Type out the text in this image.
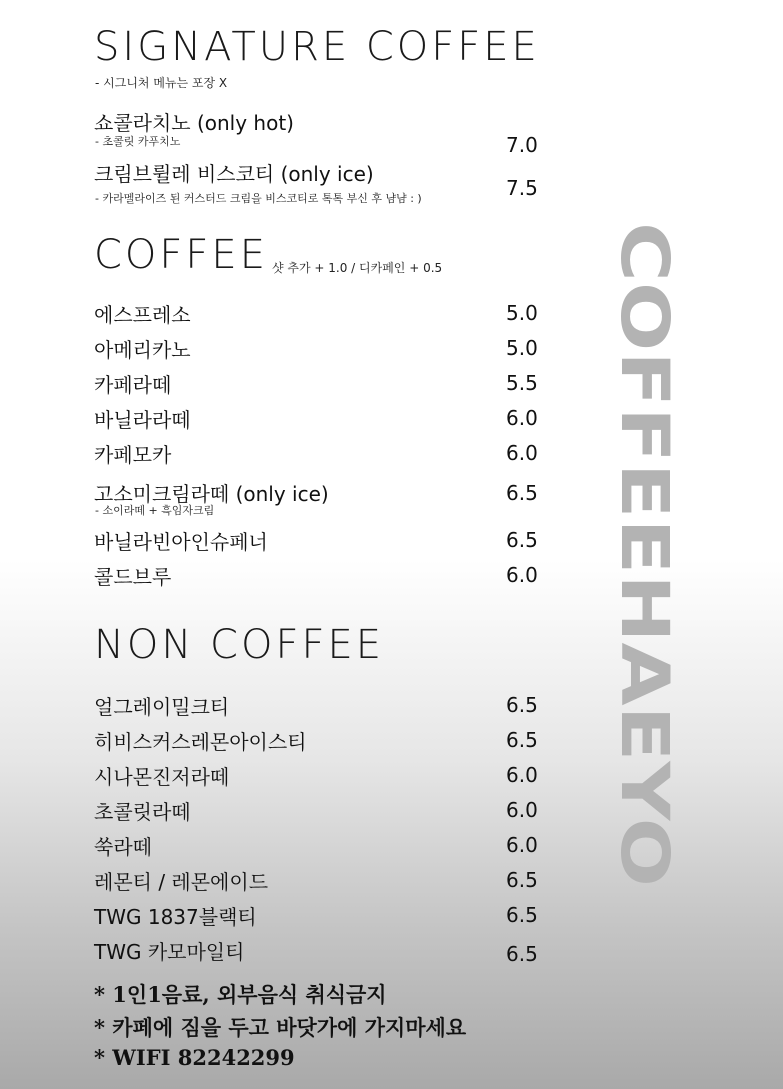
SIGNATURE COFFEE
- 시그니처 메뉴는 포장 X
쇼콜라치노 (only hot)
- 초콜릿 카푸치노	7.0
크림브륄레 비스코티 (only ice)
- 카라멜라이즈 된 커스터드 크림을 비스코티로 톡톡 부신 후 냠냠 : )	7.5
COFFEE 샷 추가 + 1.0 / 디카페인 + 0.5
에스프레소	5.0
아메리카노	5.0
카페라떼	5.5
바닐라라떼	6.0
카페모카	6.0
고소미크림라떼 (only ice)
- 소이라떼 + 흑임자크림
6.5
바닐라빈아인슈페너	6.5
콜드브루	6.0
NON COFFEE
얼그레이밀크티	6.5
히비스커스레몬아이스티	6.5
시나몬진저라떼	6.0
초콜릿라떼	6.0
쑥라떼	6.0
레몬티 / 레몬에이드	6.5
TWG 1837블랙티	6.5
TWG 카모마일티	6.5
* 1인1음료, 외부음식 취식금지
* 카페에 짐을 두고 바닷가에 가지마세요
* WIFI 82242299
COFFEEHAEYO
